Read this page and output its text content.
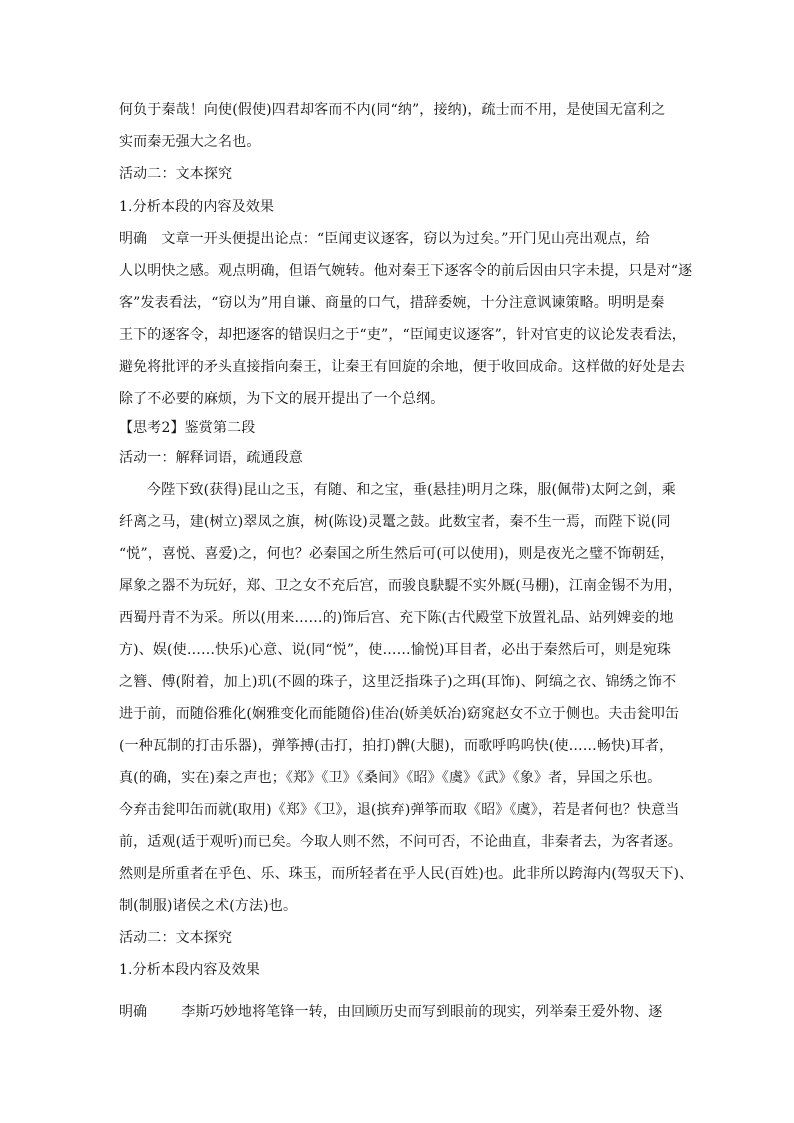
何负于秦哉！向使(假使)四君却客而不内(同“纳”，接纳)，疏士而不用，是使国无富利之
实而秦无强大之名也。
活动二：文本探究
1.分析本段的内容及效果
明确 文章一开头便提出论点：“臣闻吏议逐客，窃以为过矣。”开门见山亮出观点，给
人以明快之感。观点明确，但语气婉转。他对秦王下逐客令的前后因由只字未提，只是对“逐
客”发表看法，“窃以为”用自谦、商量的口气，措辞委婉，十分注意讽谏策略。明明是秦
王下的逐客令，却把逐客的错误归之于“吏”，“臣闻吏议逐客”，针对官吏的议论发表看法，
避免将批评的矛头直接指向秦王，让秦王有回旋的余地，便于收回成命。这样做的好处是去
除了不必要的麻烦，为下文的展开提出了一个总纲。
【思考2】鉴赏第二段
活动一：解释词语，疏通段意
今陛下致(获得)昆山之玉，有随、和之宝，垂(悬挂)明月之珠，服(佩带)太阿之剑，乘
纤离之马，建(树立)翠凤之旗，树(陈设)灵鼍之鼓。此数宝者，秦不生一焉，而陛下说(同
“悦”，喜悦、喜爱)之，何也？必秦国之所生然后可(可以使用)，则是夜光之璧不饰朝廷，
犀象之器不为玩好，郑、卫之女不充后宫，而骏良駃騠不实外厩(马棚)，江南金锡不为用，
西蜀丹青不为采。所以(用来……的)饰后宫、充下陈(古代殿堂下放置礼品、站列婢妾的地
方)、娱(使……快乐)心意、说(同“悦”，使……愉悦)耳目者，必出于秦然后可，则是宛珠
之簪、傅(附着，加上)玑(不圆的珠子，这里泛指珠子)之珥(耳饰)、阿缟之衣、锦绣之饰不
进于前，而随俗雅化(娴雅变化而能随俗)佳冶(娇美妖冶)窈窕赵女不立于侧也。夫击瓮叩缶
(一种瓦制的打击乐器)，弹筝搏(击打，拍打)髀(大腿)，而歌呼呜呜快(使……畅快)耳者，
真(的确，实在)秦之声也；《郑》《卫》《桑间》《昭》《虞》《武》《象》者，异国之乐也。
今弃击瓮叩缶而就(取用)《郑》《卫》，退(摈弃)弹筝而取《昭》《虞》，若是者何也？快意当
前，适观(适于观听)而已矣。今取人则不然，不问可否，不论曲直，非秦者去，为客者逐。
然则是所重者在乎色、乐、珠玉，而所轻者在乎人民(百姓)也。此非所以跨海内(驾驭天下)、
制(制服)诸侯之术(方法)也。
活动二：文本探究
1.分析本段内容及效果
明确 李斯巧妙地将笔锋一转，由回顾历史而写到眼前的现实，列举秦王爱外物、逐
